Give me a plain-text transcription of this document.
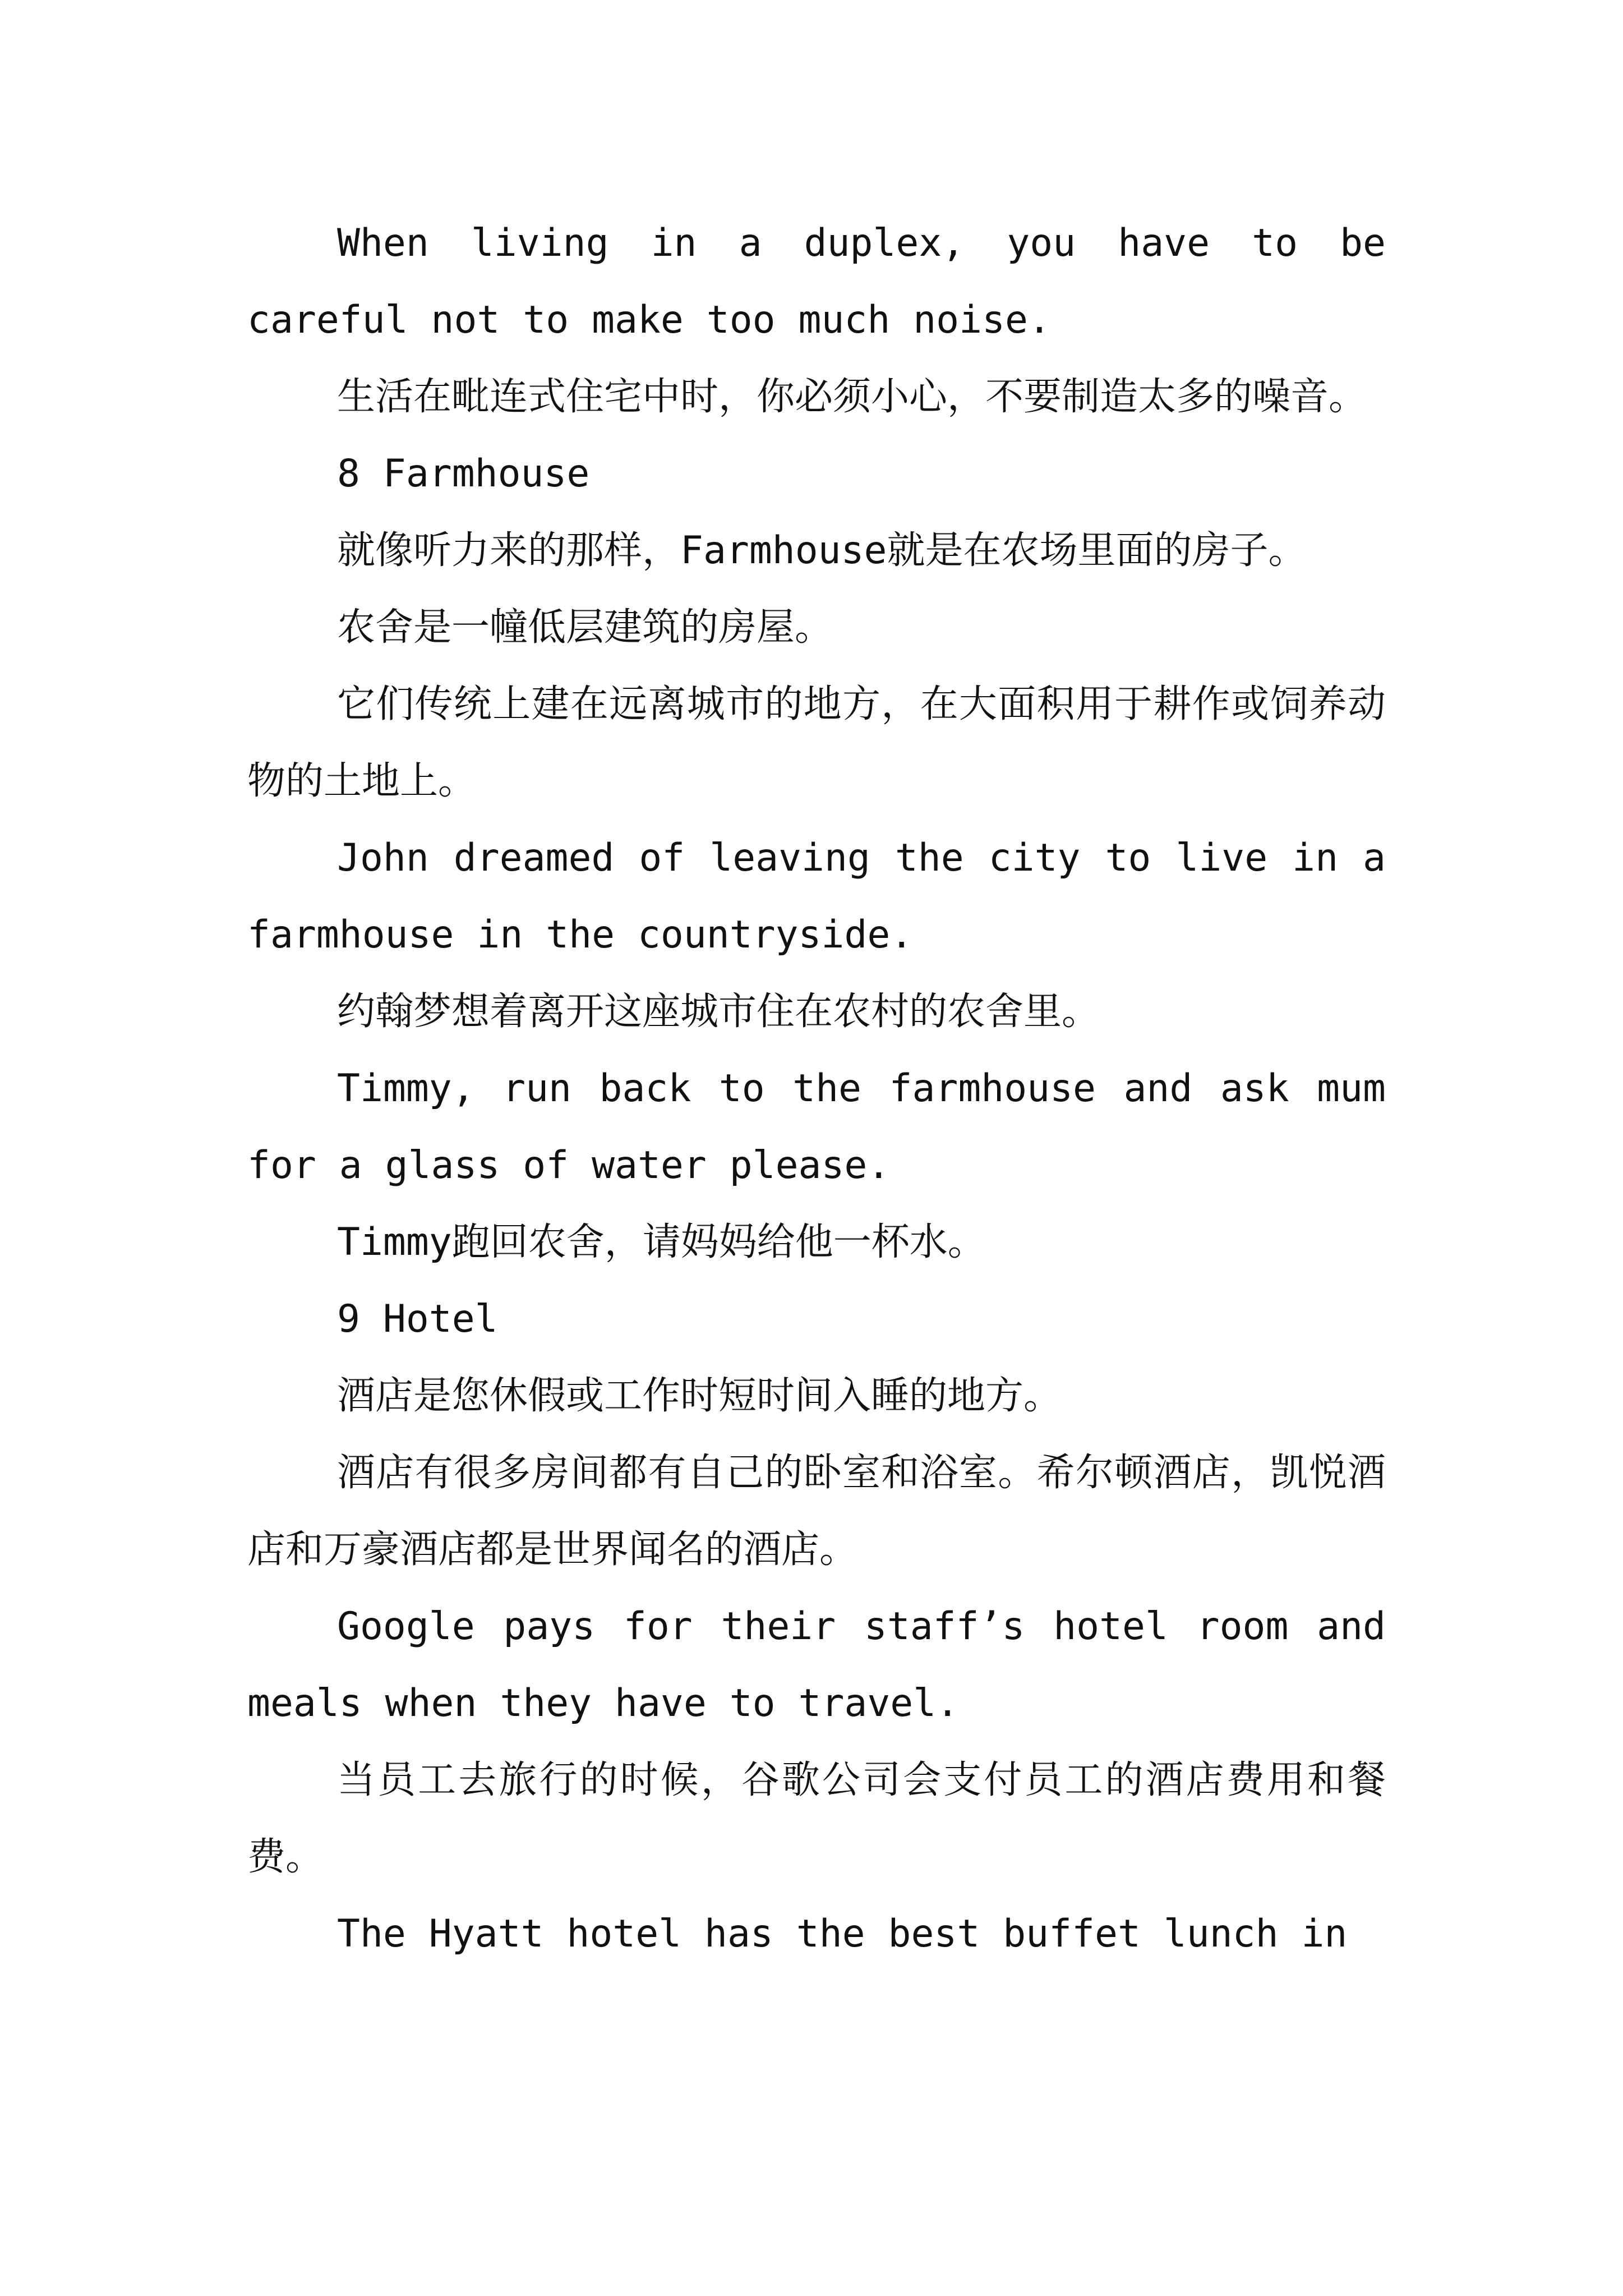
When living in a duplex, you have to be careful not to make too much noise.

生活在毗连式住宅中时，你必须小心，不要制造太多的噪音。

8 Farmhouse

就像听力来的那样，Farmhouse就是在农场里面的房子。

农舍是一幢低层建筑的房屋。

它们传统上建在远离城市的地方，在大面积用于耕作或饲养动物的土地上。

John dreamed of leaving the city to live in a farmhouse in the countryside.

约翰梦想着离开这座城市住在农村的农舍里。

Timmy, run back to the farmhouse and ask mum for a glass of water please.

Timmy跑回农舍，请妈妈给他一杯水。

9 Hotel

酒店是您休假或工作时短时间入睡的地方。

酒店有很多房间都有自己的卧室和浴室。希尔顿酒店，凯悦酒店和万豪酒店都是世界闻名的酒店。

Google pays for their staff’s hotel room and meals when they have to travel.

当员工去旅行的时候，谷歌公司会支付员工的酒店费用和餐费。

The Hyatt hotel has the best buffet lunch in
